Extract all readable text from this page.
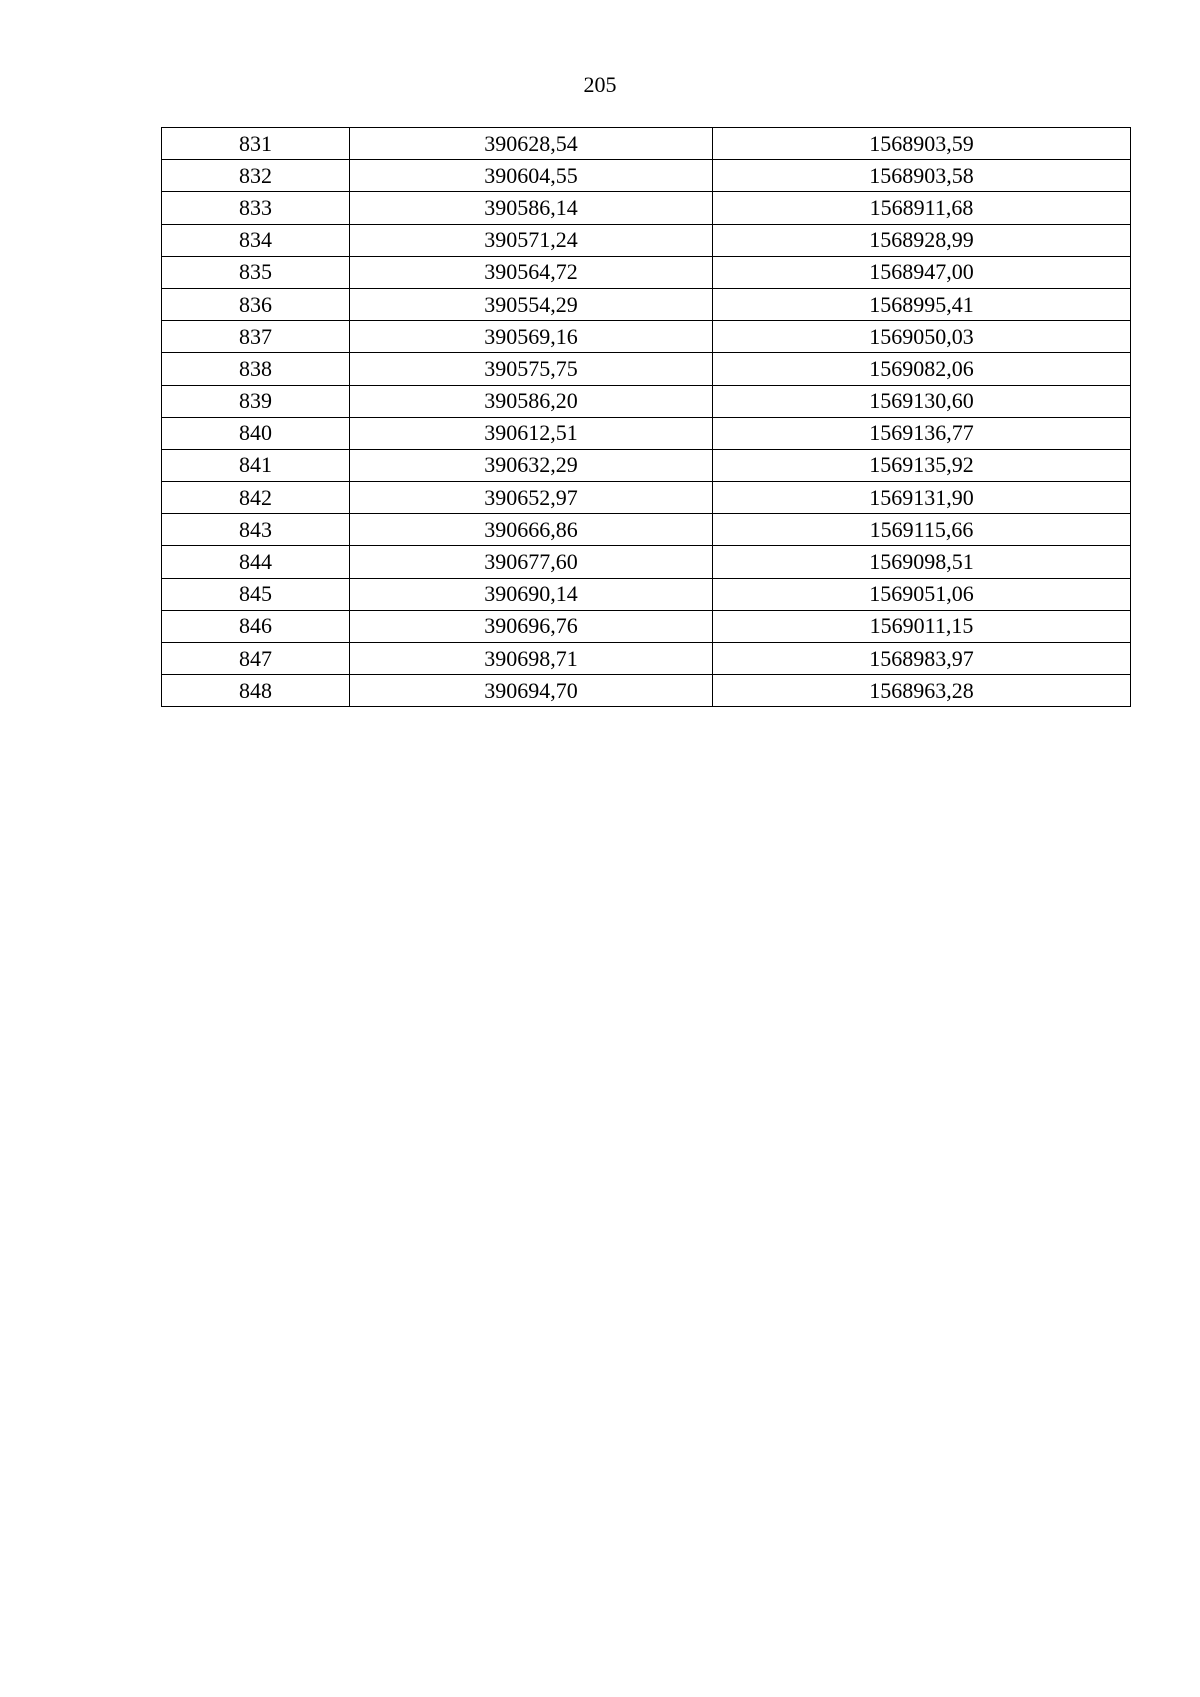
205
831	390628,54	1568903,59
832	390604,55	1568903,58
833	390586,14	1568911,68
834	390571,24	1568928,99
835	390564,72	1568947,00
836	390554,29	1568995,41
837	390569,16	1569050,03
838	390575,75	1569082,06
839	390586,20	1569130,60
840	390612,51	1569136,77
841	390632,29	1569135,92
842	390652,97	1569131,90
843	390666,86	1569115,66
844	390677,60	1569098,51
845	390690,14	1569051,06
846	390696,76	1569011,15
847	390698,71	1568983,97
848	390694,70	1568963,28
